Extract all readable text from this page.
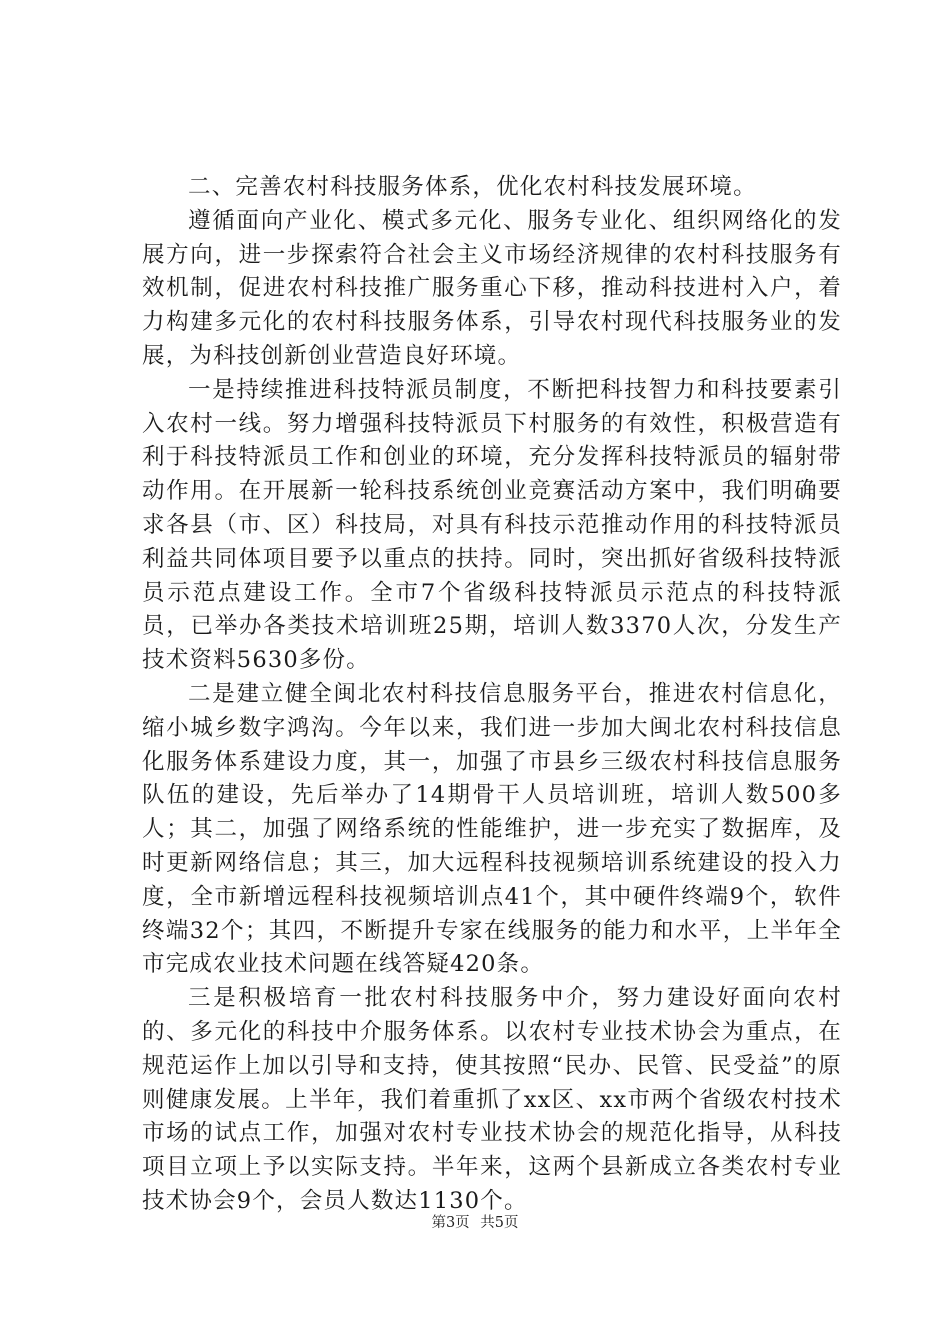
二、完善农村科技服务体系，优化农村科技发展环境。

遵循面向产业化、模式多元化、服务专业化、组织网络化的发展方向，进一步探索符合社会主义市场经济规律的农村科技服务有效机制，促进农村科技推广服务重心下移，推动科技进村入户，着力构建多元化的农村科技服务体系，引导农村现代科技服务业的发展，为科技创新创业营造良好环境。

一是持续推进科技特派员制度，不断把科技智力和科技要素引入农村一线。努力增强科技特派员下村服务的有效性，积极营造有利于科技特派员工作和创业的环境，充分发挥科技特派员的辐射带动作用。在开展新一轮科技系统创业竞赛活动方案中，我们明确要求各县（市、区）科技局，对具有科技示范推动作用的科技特派员利益共同体项目要予以重点的扶持。同时，突出抓好省级科技特派员示范点建设工作。全市7个省级科技特派员示范点的科技特派员，已举办各类技术培训班25期，培训人数3370人次，分发生产技术资料5630多份。

二是建立健全闽北农村科技信息服务平台，推进农村信息化，缩小城乡数字鸿沟。今年以来，我们进一步加大闽北农村科技信息化服务体系建设力度，其一，加强了市县乡三级农村科技信息服务队伍的建设，先后举办了14期骨干人员培训班，培训人数500多人；其二，加强了网络系统的性能维护，进一步充实了数据库，及时更新网络信息；其三，加大远程科技视频培训系统建设的投入力度，全市新增远程科技视频培训点41个，其中硬件终端9个，软件终端32个；其四，不断提升专家在线服务的能力和水平，上半年全市完成农业技术问题在线答疑420条。

三是积极培育一批农村科技服务中介，努力建设好面向农村的、多元化的科技中介服务体系。以农村专业技术协会为重点，在规范运作上加以引导和支持，使其按照“民办、民管、民受益”的原则健康发展。上半年，我们着重抓了xx区、xx市两个省级农村技术市场的试点工作，加强对农村专业技术协会的规范化指导，从科技项目立项上予以实际支持。半年来，这两个县新成立各类农村专业技术协会9个，会员人数达1130个。

第3页 共5页
